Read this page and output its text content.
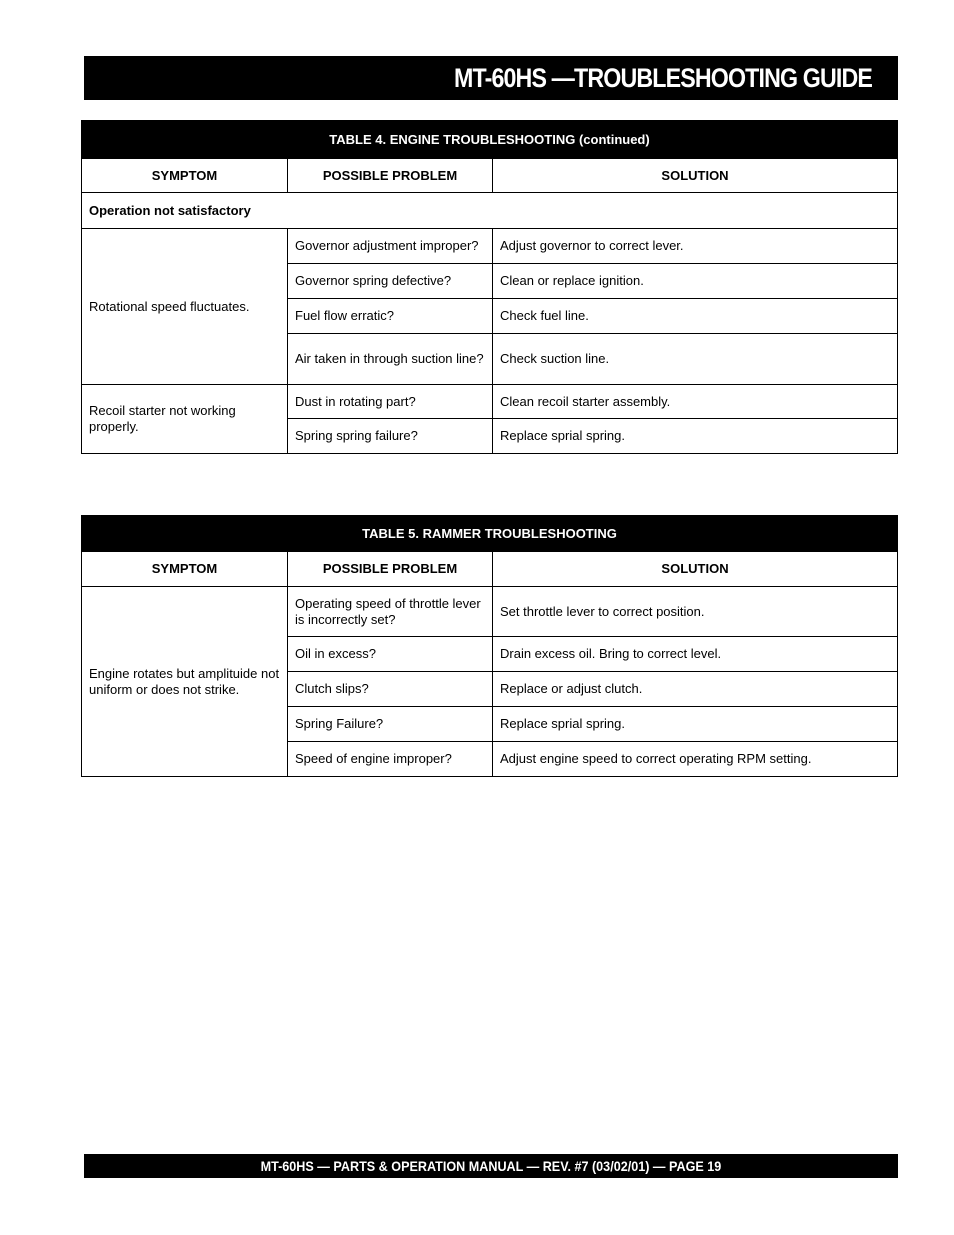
MT-60HS —TROUBLESHOOTING GUIDE
TABLE 4. ENGINE TROUBLESHOOTING (continued)		
SYMPTOM	POSSIBLE PROBLEM	SOLUTION
Operation not satisfactory		
Rotational speed fluctuates.	Governor adjustment improper?	Adjust governor to correct lever.
	Governor spring defective?	Clean or replace ignition.
	Fuel flow erratic?	Check fuel line.
	Air taken in through suction line?	Check suction line.
Recoil starter not working properly.	Dust in rotating part?	Clean recoil starter assembly.
	Spring spring failure?	Replace sprial spring.
TABLE 5. RAMMER TROUBLESHOOTING		
SYMPTOM	POSSIBLE PROBLEM	SOLUTION
Engine rotates but amplituide not uniform or does not strike.	Operating speed of throttle lever is incorrectly set?	Set throttle lever to correct position.
	Oil in excess?	Drain excess oil. Bring to correct level.
	Clutch slips?	Replace or adjust clutch.
	Spring Failure?	Replace sprial spring.
	Speed of engine improper?	Adjust engine speed to correct operating RPM setting.
MT-60HS — PARTS & OPERATION MANUAL — REV. #7 (03/02/01) — PAGE 19
